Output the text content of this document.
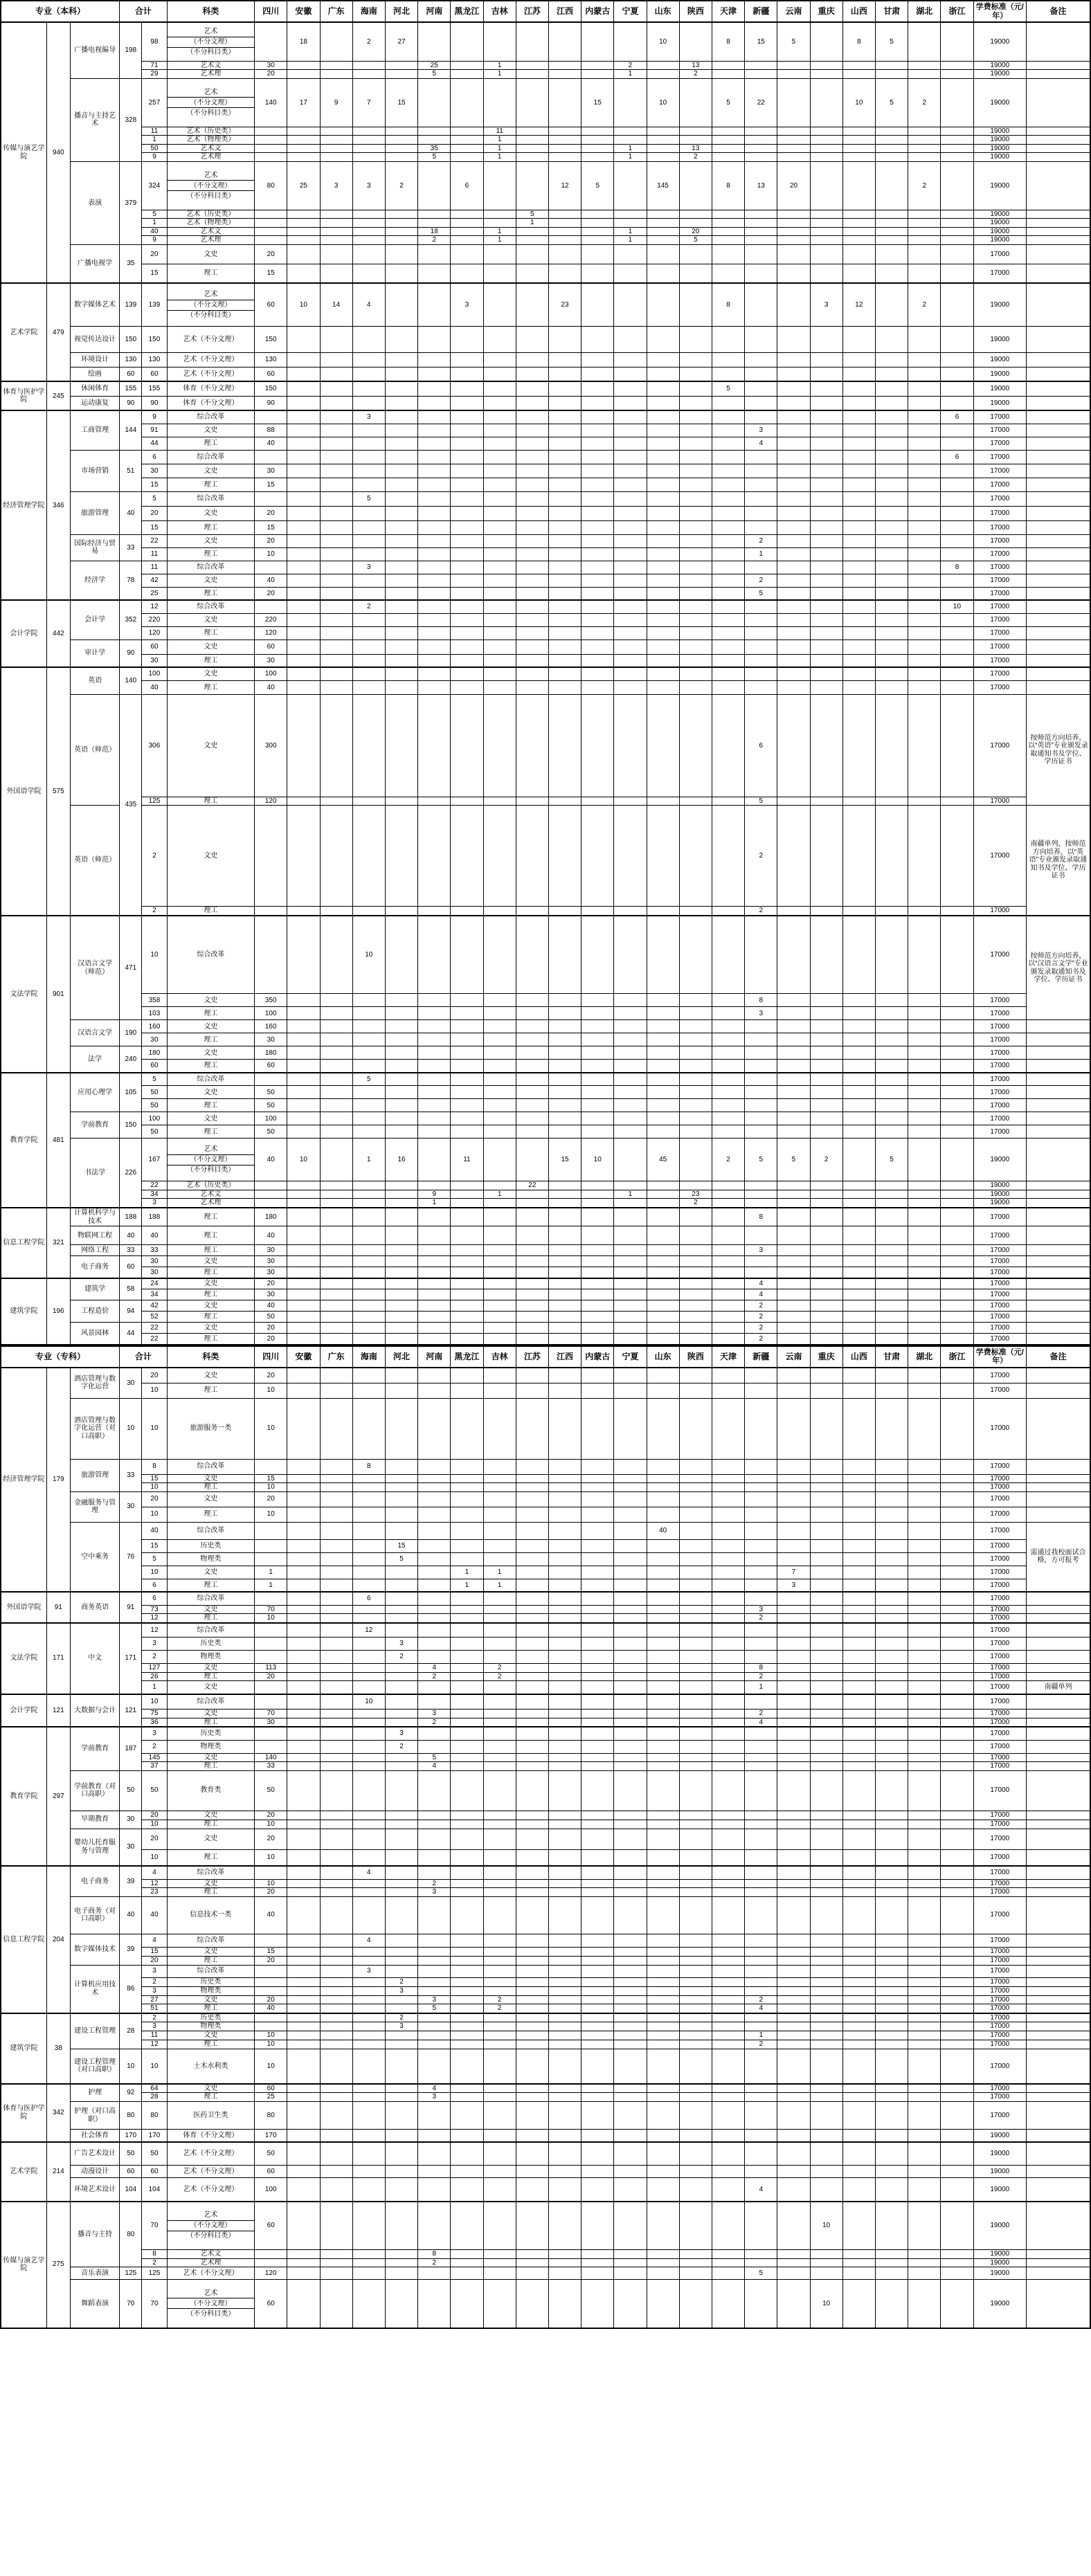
专业（本科）			合计		科类	四川	安徽	广东	海南	河北	河南	黑龙江	吉林	江苏	江西	内蒙古	宁夏	山东	陕西	天津	新疆	云南	重庆	山西	甘肃	湖北	浙江	学费标准（元/年）	备注
传媒与演艺学院	940	广播电视编导	198	98	艺术
（不分文理）
（不分科目类）		18		2	27								10		8	15	5		8	5			19000	
				71	艺术文	30					25		1				2		13									19000	
				29	艺术理	20					5		1				1		2									19000	
		播音与主持艺术	328	257	艺术
（不分文理）
（不分科目类）	140	17	9	7	15						15		10		5	22			10	5	2		19000	
				11	艺术（历史类）								11															19000	
				1	艺术（物理类）								1															19000	
				50	艺术文						35		1				1		13									19000	
				9	艺术理						5		1				1		2									19000	
		表演	379	324	艺术
（不分文理）
（不分科目类）	80	25	3	3	2		6			12	5		145		8	13	20				2		19000	
				5	艺术（历史类）									5														19000	
				1	艺术（物理类）									1														19000	
				40	艺术文						18		1				1		20									19000	
				9	艺术理						2		1				1		5									19000	
		广播电视学	35	20	文史	20																						17000	
				15	理工	15																						17000	
艺术学院	479	数字媒体艺术	139	139	艺术
（不分文理）
（不分科目类）	60	10	14	4			3			23					8			3	12		2		19000	
		视觉传达设计	150	150	艺术（不分文理）	150																						19000	
		环境设计	130	130	艺术（不分文理）	130																						19000	
		绘画	60	60	艺术（不分文理）	60																						19000	
体育与医护学院	245	休闲体育	155	155	体育（不分文理）	150														5								19000	
		运动康复	90	90	体育（不分文理）	90																						19000	
经济管理学院	346	工商管理	144	9	综合改革				3																		6	17000	
				91	文史	88															3							17000	
				44	理工	40															4							17000	
		市场营销	51	6	综合改革																						6	17000	
				30	文史	30																						17000	
				15	理工	15																						17000	
		旅游管理	40	5	综合改革				5																			17000	
				20	文史	20																						17000	
				15	理工	15																						17000	
		国际经济与贸易	33	22	文史	20															2							17000	
				11	理工	10															1							17000	
		经济学	78	11	综合改革				3																		8	17000	
				42	文史	40															2							17000	
				25	理工	20															5							17000	
会计学院	442	会计学	352	12	综合改革				2																		10	17000	
				220	文史	220																						17000	
				120	理工	120																						17000	
		审计学	90	60	文史	60																						17000	
				30	理工	30																						17000	
外国语学院	575	英语	140	100	文史	100																						17000	
				40	理工	40																						17000	
		英语（师范）	435	306	文史	300															6							17000	按师范方向培养，以“英语”专业颁发录取通知书及学位、学历证书
				125	理工	120															5							17000	
		英语（师范）		2	文史																2							17000	南疆单列，按师范方向培养，以“英语”专业颁发录取通知书及学位、学历证书
				2	理工																2							17000	
文法学院	901	汉语言文学（师范）	471	10	综合改革				10																			17000	按师范方向培养，以“汉语言文学”专业颁发录取通知书及学位、学历证书
				358	文史	350															8							17000	
				103	理工	100															3							17000	
		汉语言文学	190	160	文史	160																						17000	
				30	理工	30																						17000	
		法学	240	180	文史	180																						17000	
				60	理工	60																						17000	
教育学院	481	应用心理学	105	5	综合改革				5																			17000	
				50	文史	50																						17000	
				50	理工	50																						17000	
		学前教育	150	100	文史	100																						17000	
				50	理工	50																						17000	
		书法学	226	167	艺术
（不分文理）
（不分科目类）	40	10		1	16		11			15	10		45		2	5	5	2		5			19000	
				22	艺术（历史类）									22														19000	
				34	艺术文						9		1				1		23									19000	
				3	艺术理						1								2									19000	
信息工程学院	321	计算机科学与技术	188	188	理工	180															8							17000	
		物联网工程	40	40	理工	40																						17000	
		网络工程	33	33	理工	30															3							17000	
		电子商务	60	30	文史	30																						17000	
				30	理工	30																						17000	
建筑学院	196	建筑学	58	24	文史	20															4							17000	
				34	理工	30															4							17000	
		工程造价	94	42	文史	40															2							17000	
				52	理工	50															2							17000	
		风景园林	44	22	文史	20															2							17000	
				22	理工	20															2							17000	
专业（专科）			合计		科类	四川	安徽	广东	海南	河北	河南	黑龙江	吉林	江苏	江西	内蒙古	宁夏	山东	陕西	天津	新疆	云南	重庆	山西	甘肃	湖北	浙江	学费标准（元/年）	备注
经济管理学院	179	酒店管理与数字化运营	30	20	文史	20																						17000	
				10	理工	10																						17000	
		酒店管理与数字化运营（对口高职）	10	10	旅游服务一类	10																						17000	
		旅游管理	33	8	综合改革				8																			17000	
				15	文史	15																						17000	
				10	理工	10																						17000	
		金融服务与管理	30	20	文史	20																						17000	
				10	理工	10																						17000	
		空中乘务	76	40	综合改革													40										17000	需通过我校面试合格，方可报考
				15	历史类					15																		17000	
				5	物理类					5																		17000	
				10	文史	1						1	1									7						17000	
				6	理工	1						1	1									3						17000	
外国语学院	91	商务英语	91	6	综合改革				6																			17000	
				73	文史	70															3							17000	
				12	理工	10															2							17000	
文法学院	171	中文	171	12	综合改革				12																			17000	
				3	历史类					3																		17000	
				2	物理类					2																		17000	
				127	文史	113					4		2								8							17000	
				26	理工	20					2		2								2							17000	
				1	文史																1							17000	南疆单列
会计学院	121	大数据与会计	121	10	综合改革				10																			17000	
				75	文史	70					3										2							17000	
				36	理工	30					2										4							17000	
教育学院	297	学前教育	187	3	历史类					3																		17000	
				2	物理类					2																		17000	
				145	文史	140					5																	17000	
				37	理工	33					4																	17000	
		学前教育（对口高职）	50	50	教育类	50																						17000	
		早期教育	30	20	文史	20																						17000	
				10	理工	10																						17000	
		婴幼儿托育服务与管理	30	20	文史	20																						17000	
				10	理工	10																						17000	
信息工程学院	204	电子商务	39	4	综合改革				4																			17000	
				12	文史	10					2																	17000	
				23	理工	20					3																	17000	
		电子商务（对口高职）	40	40	信息技术一类	40																						17000	
		数字媒体技术	39	4	综合改革				4																			17000	
				15	文史	15																						17000	
				20	理工	20																						17000	
		计算机应用技术	86	3	综合改革				3																			17000	
				2	历史类					2																		17000	
				3	物理类					3																		17000	
				27	文史	20					3		2								2							17000	
				51	理工	40					5		2								4							17000	
建筑学院	38	建设工程管理	28	2	历史类					2																		17000	
				3	物理类					3																		17000	
				11	文史	10															1							17000	
				12	理工	10															2							17000	
		建设工程管理（对口高职）	10	10	土木水利类	10																						17000	
体育与医护学院	342	护理	92	64	文史	60					4																	17000	
				28	理工	25					3																	17000	
		护理（对口高职）	80	80	医药卫生类	80																						17000	
		社会体育	170	170	体育（不分文理）	170																						19000	
艺术学院	214	广告艺术设计	50	50	艺术（不分文理）	50																						19000	
		动漫设计	60	60	艺术（不分文理）	60																						19000	
		环境艺术设计	104	104	艺术（不分文理）	100															4							19000	
传媒与演艺学院	275	播音与主持	80	70	艺术
（不分文理）
（不分科目类）	60																	10					19000	
				8	艺术文						8																	19000	
				2	艺术理						2																	19000	
		音乐表演	125	125	艺术（不分文理）	120															5							19000	
		舞蹈表演	70	70	艺术
（不分文理）
（不分科目类）	60																	10					19000	
